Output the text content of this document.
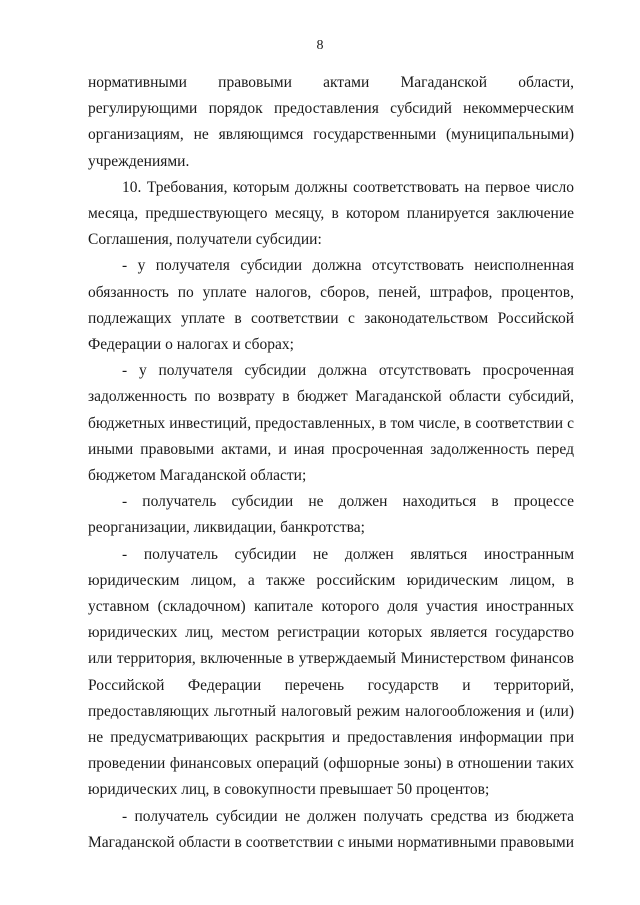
8

нормативными правовыми актами Магаданской области, регулирующими порядок предоставления субсидий некоммерческим организациям, не являющимся государственными (муниципальными) учреждениями.

10. Требования, которым должны соответствовать на первое число месяца, предшествующего месяцу, в котором планируется заключение Соглашения, получатели субсидии:

- у получателя субсидии должна отсутствовать неисполненная обязанность по уплате налогов, сборов, пеней, штрафов, процентов, подлежащих уплате в соответствии с законодательством Российской Федерации о налогах и сборах;

- у получателя субсидии должна отсутствовать просроченная задолженность по возврату в бюджет Магаданской области субсидий, бюджетных инвестиций, предоставленных, в том числе, в соответствии с иными правовыми актами, и иная просроченная задолженность перед бюджетом Магаданской области;

- получатель субсидии не должен находиться в процессе реорганизации, ликвидации, банкротства;

- получатель субсидии не должен являться иностранным юридическим лицом, а также российским юридическим лицом, в уставном (складочном) капитале которого доля участия иностранных юридических лиц, местом регистрации которых является государство или территория, включенные в утверждаемый Министерством финансов Российской Федерации перечень государств и территорий, предоставляющих льготный налоговый режим налогообложения и (или) не предусматривающих раскрытия и предоставления информации при проведении финансовых операций (офшорные зоны) в отношении таких юридических лиц, в совокупности превышает 50 процентов;

- получатель субсидии не должен получать средства из бюджета Магаданской области в соответствии с иными нормативными правовыми
